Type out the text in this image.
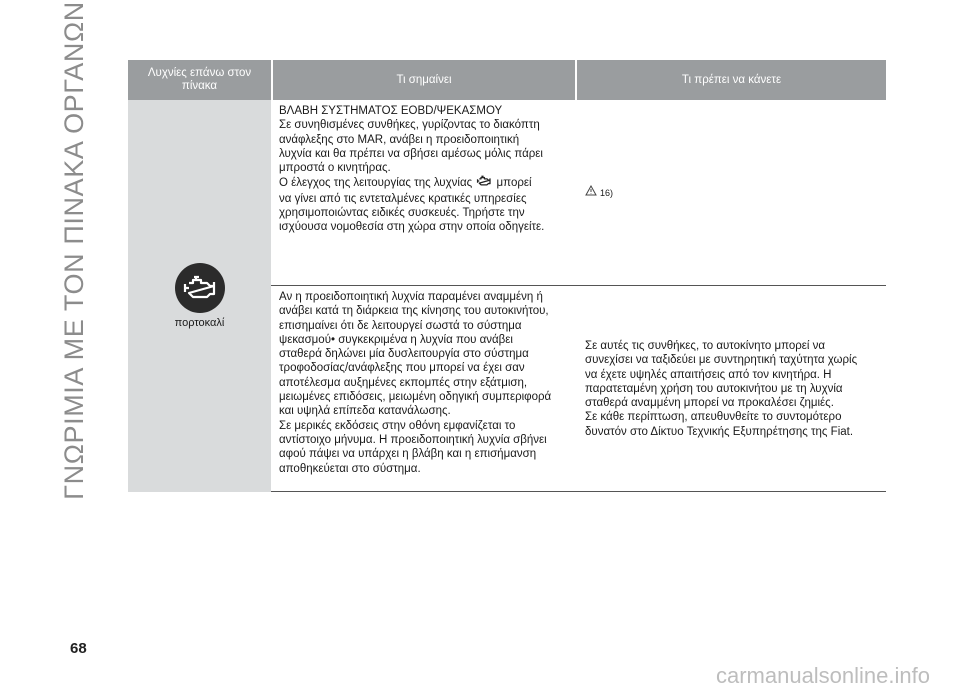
ΓΝΩΡΙΜΙΑ ΜΕ ΤΟΝ ΠΙΝΑΚΑ ΟΡΓΑΝΩΝ	Λυχνίες επάνω στον πίνακα
Τι σημαίνει	Τι πρέπει να κάνετε
πορτοκαλί

ΒΛΑΒΗ ΣΥΣΤΗΜΑΤΟΣ EOBD/ΨΕΚΑΣΜΟΥ

Σε συνηθισμένες συνθήκες, γυρίζοντας το διακόπτη

ανάφλεξης στο MAR, ανάβει η προειδοποιητική

λυχνία και θα πρέπει να σβήσει αμέσως μόλις πάρει

μπροστά ο κινητήρας.

Ο έλεγχος της λειτουργίας της λυχνίας μπορεί

να γίνει από τις εντεταλμένες κρατικές υπηρεσίες

χρησιμοποιώντας ειδικές συσκευές. Τηρήστε την

ισχύουσα νομοθεσία στη χώρα στην οποία οδηγείτε.

16)

Αν η προειδοποιητική λυχνία παραμένει αναμμένη ή

ανάβει κατά τη διάρκεια της κίνησης του αυτοκινήτου,

επισημαίνει ότι δε λειτουργεί σωστά το σύστημα

ψεκασμού• συγκεκριμένα η λυχνία που ανάβει

σταθερά δηλώνει μία δυσλειτουργία στο σύστημα

τροφοδοσίας/ανάφλεξης που μπορεί να έχει σαν

αποτέλεσμα αυξημένες εκπομπές στην εξάτμιση,

μειωμένες επιδόσεις, μειωμένη οδηγική συμπεριφορά

και υψηλά επίπεδα κατανάλωσης.

Σε μερικές εκδόσεις στην οθόνη εμφανίζεται το

αντίστοιχο μήνυμα. Η προειδοποιητική λυχνία σβήνει

αφού πάψει να υπάρχει η βλάβη και η επισήμανση

αποθηκεύεται στο σύστημα.

Σε αυτές τις συνθήκες, το αυτοκίνητο μπορεί να

συνεχίσει να ταξιδεύει με συντηρητική ταχύτητα χωρίς

να έχετε υψηλές απαιτήσεις από τον κινητήρα. Η

παρατεταμένη χρήση του αυτοκινήτου με τη λυχνία

σταθερά αναμμένη μπορεί να προκαλέσει ζημιές.

Σε κάθε περίπτωση, απευθυνθείτε το συντομότερο

δυνατόν στο Δίκτυο Τεχνικής Εξυπηρέτησης της Fiat.

68
carmanualsonline.info
